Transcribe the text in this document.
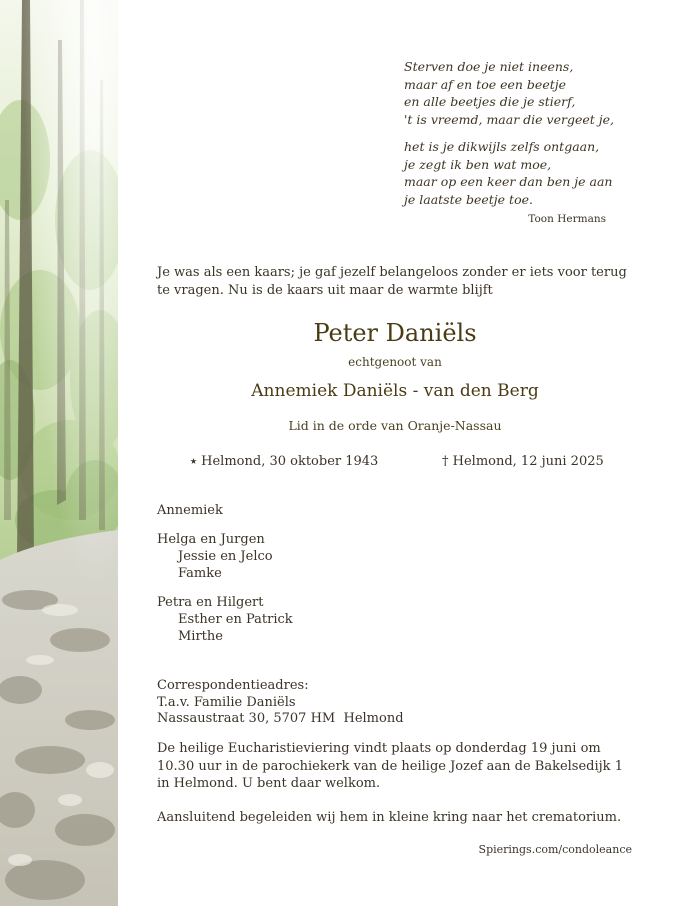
Sterven doe je niet ineens,
maar af en toe een beetje
en alle beetjes die je stierf,
't is vreemd, maar die vergeet je,
het is je dikwijls zelfs ontgaan,
je zegt ik ben wat moe,
maar op een keer dan ben je aan
je laatste beetje toe.
Toon Hermans
Je was als een kaars; je gaf jezelf belangeloos zonder er iets voor terug
te vragen. Nu is de kaars uit maar de warmte blijft
Peter Daniëls
echtgenoot van
Annemiek Daniëls - van den Berg
Lid in de orde van Oranje-Nassau
⭑ Helmond, 30 oktober 1943	† Helmond, 12 juni 2025
Annemiek
Helga en Jurgen
Jessie en Jelco
Famke
Petra en Hilgert
Esther en Patrick
Mirthe
Correspondentieadres:
T.a.v. Familie Daniëls
Nassaustraat 30, 5707 HM  Helmond
De heilige Eucharistieviering vindt plaats op donderdag 19 juni om
10.30 uur in de parochiekerk van de heilige Jozef aan de Bakelsedijk 1
in Helmond. U bent daar welkom.
Aansluitend begeleiden wij hem in kleine kring naar het crematorium.
Spierings.com/condoleance
